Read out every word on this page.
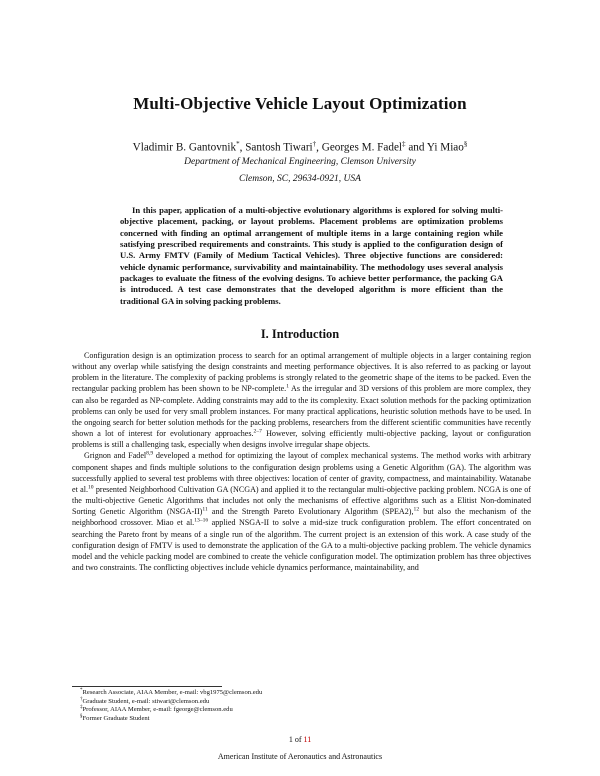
Multi-Objective Vehicle Layout Optimization
Vladimir B. Gantovnik*, Santosh Tiwari†, Georges M. Fadel‡ and Yi Miao§
Department of Mechanical Engineering, Clemson University
Clemson, SC, 29634-0921, USA
In this paper, application of a multi-objective evolutionary algorithms is explored for solving multi-objective placement, packing, or layout problems. Placement problems are optimization problems concerned with finding an optimal arrangement of multiple items in a large containing region while satisfying prescribed requirements and constraints. This study is applied to the configuration design of U.S. Army FMTV (Family of Medium Tactical Vehicles). Three objective functions are considered: vehicle dynamic performance, survivability and maintainability. The methodology uses several analysis packages to evaluate the fitness of the evolving designs. To achieve better performance, the packing GA is introduced. A test case demonstrates that the developed algorithm is more efficient than the traditional GA in solving packing problems.
I. Introduction

Configuration design is an optimization process to search for an optimal arrangement of multiple objects in a larger containing region without any overlap while satisfying the design constraints and meeting performance objectives. It is also referred to as packing or layout problem in the literature. The complexity of packing problems is strongly related to the geometric shape of the items to be packed. Even the rectangular packing problem has been shown to be NP-complete.$^1$ As the irregular and 3D versions of this problem are more complex, they can also be regarded as NP-complete. Adding constraints may add to the its complexity. Exact solution methods for the packing optimization problems can only be used for very small problem instances. For many practical applications, heuristic solution methods have to be used. In the ongoing search for better solution methods for the packing problems, researchers from the different scientific communities have recently shown a lot of interest for evolutionary approaches.$^{2-7}$ However, solving efficiently multi-objective packing, layout or configuration problems is still a challenging task, especially when designs involve irregular shape objects.

Grignon and Fadel$^{8,9}$ developed a method for optimizing the layout of complex mechanical systems. The method works with arbitrary component shapes and finds multiple solutions to the configuration design problems using a Genetic Algorithm (GA). The algorithm was successfully applied to several test problems with three objectives: location of center of gravity, compactness, and maintainability. Watanabe et al.$^{10}$ presented Neighborhood Cultivation GA (NCGA) and applied it to the rectangular multi-objective packing problem. NCGA is one of the multi-objective Genetic Algorithms that includes not only the mechanisms of effective algorithms such as a Elitist Non-dominated Sorting Genetic Algorithm (NSGA-II)$^{11}$ and the Strength Pareto Evolutionary Algorithm (SPEA2),$^{12}$ but also the mechanism of the neighborhood crossover. Miao et al.$^{13-16}$ applied NSGA-II to solve a mid-size truck configuration problem. The effort concentrated on searching the Pareto front by means of a single run of the algorithm. The current project is an extension of this work. A case study of the configuration design of FMTV is used to demonstrate the application of the GA to a multi-objective packing problem. The vehicle dynamics model and the vehicle packing model are combined to create the vehicle configuration model. The optimization problem has three objectives and two constraints. The conflicting objectives include vehicle dynamics performance, maintainability, and

*Research Associate, AIAA Member, e-mail: vbg1975@clemson.edu
†Graduate Student, e-mail: stiwari@clemson.edu
‡Professor, AIAA Member, e-mail: fgeorge@clemson.edu
§Former Graduate Student
1 of 11
American Institute of Aeronautics and Astronautics
